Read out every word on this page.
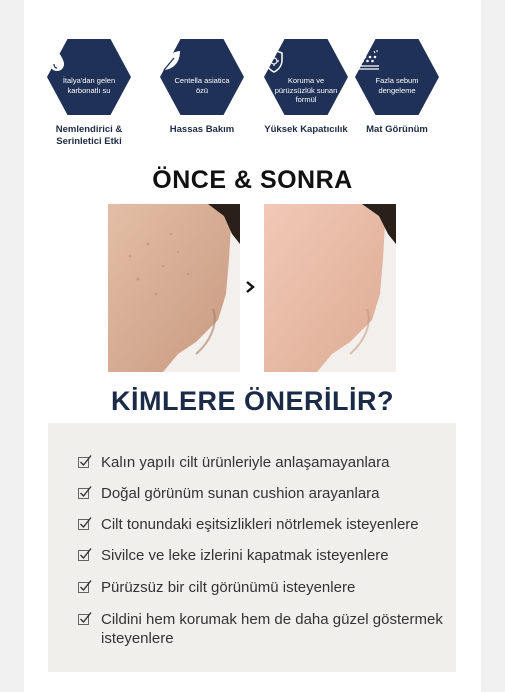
İtalya'dan gelen karbonatlı su
Nemlendirici & Serinletici Etki
Centella asiatica özü
Hassas Bakım
Koruma ve pürüzsüzlük sunan formül
Yüksek Kapatıcılık
Fazla sebum dengeleme
Mat Görünüm
ÖNCE & SONRA
KİMLERE ÖNERİLİR?
Kalın yapılı cilt ürünleriyle anlaşamayanlara
Doğal görünüm sunan cushion arayanlara
Cilt tonundaki eşitsizlikleri nötrlemek isteyenlere
Sivilce ve leke izlerini kapatmak isteyenlere
Pürüzsüz bir cilt görünümü isteyenlere
Cildini hem korumak hem de daha güzel göstermek isteyenlere
